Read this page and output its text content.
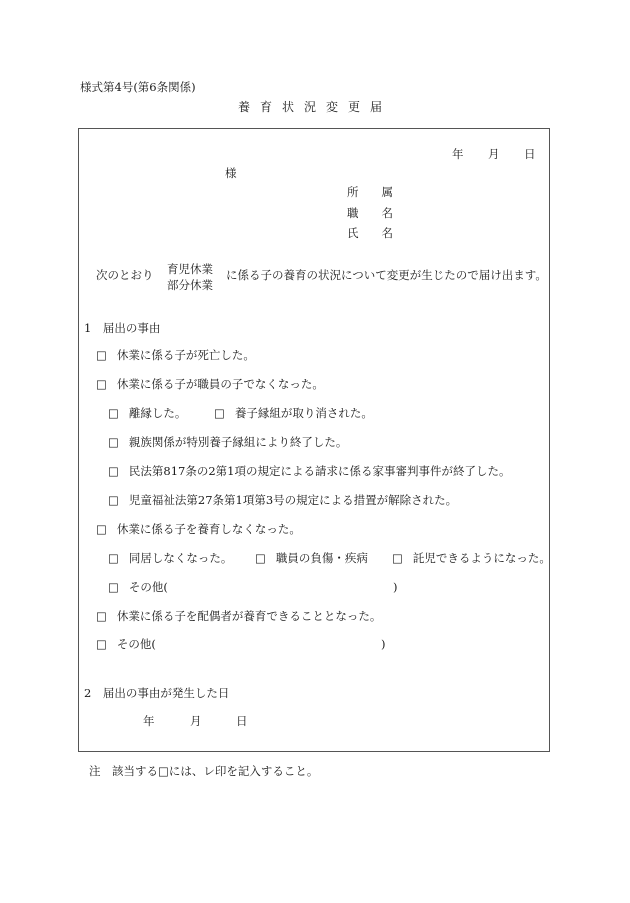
様式第4号(第6条関係)
養育状況変更届
年 月 日
様
所　　属
職　　名
氏　　名
次のとおり 育児休業
部分休業
に係る子の養育の状況について変更が生じたので届け出ます。
1　届出の事由
□ 休業に係る子が死亡した。
□ 休業に係る子が職員の子でなくなった。
□ 離縁した。 □ 養子縁組が取り消された。
□ 親族関係が特別養子縁組により終了した。
□ 民法第817条の2第1項の規定による請求に係る家事審判事件が終了した。
□ 児童福祉法第27条第1項第3号の規定による措置が解除された。
□ 休業に係る子を養育しなくなった。
□ 同居しなくなった。 □ 職員の負傷・疾病 □ 託児できるようになった。
□ その他(	)
□ 休業に係る子を配偶者が養育できることとなった。
□ その他(	)
2　届出の事由が発生した日
年	月	日
注　該当する□には、レ印を記入すること。
